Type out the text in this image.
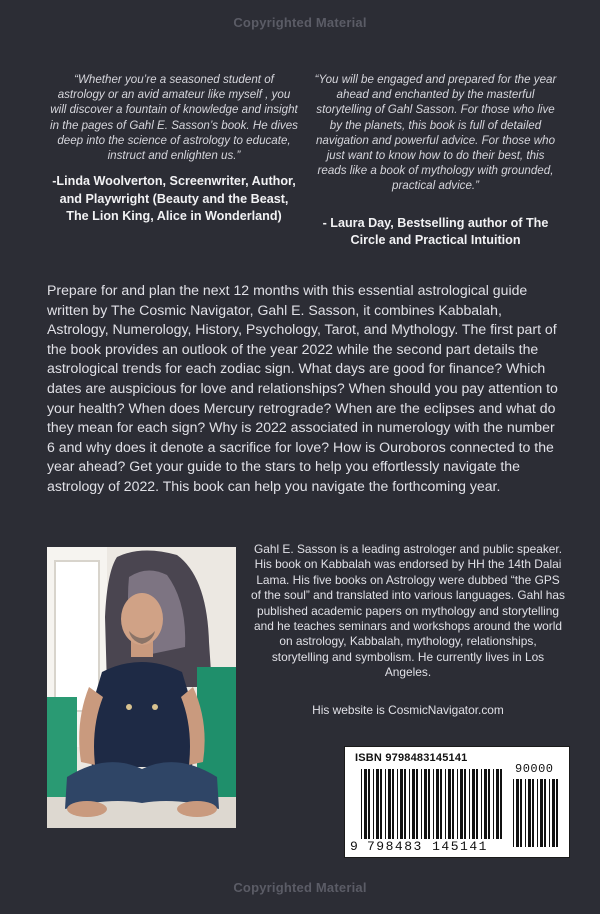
Copyrighted Material

“Whether you’re a seasoned student of astrology or an avid amateur like myself , you will discover a fountain of knowledge and insight in the pages of Gahl E. Sasson’s book. He dives deep into the science of astrology to educate, instruct and enlighten us.”

-Linda Woolverton, Screenwriter, Author, and Playwright (Beauty and the Beast, The Lion King, Alice in Wonderland)

“You will be engaged and prepared for the year ahead and enchanted by the masterful storytelling of Gahl Sasson. For those who live by the planets, this book is full of detailed navigation and powerful advice. For those who just want to know how to do their best, this reads like a book of mythology with grounded, practical advice.”

- Laura Day, Bestselling author of The Circle and Practical Intuition

Prepare for and plan the next 12 months with this essential astrological guide written by The Cosmic Navigator, Gahl E. Sasson, it combines Kabbalah, Astrology, Numerology, History, Psychology, Tarot, and Mythology. The first part of the book provides an outlook of the year 2022 while the second part details the astrological trends for each zodiac sign. What days are good for finance? Which dates are auspicious for love and relationships? When should you pay attention to your health? When does Mercury retrograde? When are the eclipses and what do they mean for each sign? Why is 2022 associated in numerology with the number 6 and why does it denote a sacrifice for love? How is Ouroboros connected to the year ahead? Get your guide to the stars to help you effortlessly navigate the astrology of 2022. This book can help you navigate the forthcoming year.

Gahl E. Sasson is a leading astrologer and public speaker. His book on Kabbalah was endorsed by HH the 14th Dalai Lama. His five books on Astrology were dubbed “the GPS of the soul” and translated into various languages. Gahl has published academic papers on mythology and storytelling and he teaches seminars and workshops around the world on astrology, Kabbalah, mythology, relationships, storytelling and symbolism. He currently lives in Los Angeles.

His website is CosmicNavigator.com
ISBN 9798483145141
9 798483 145141
90000
Copyrighted Material
